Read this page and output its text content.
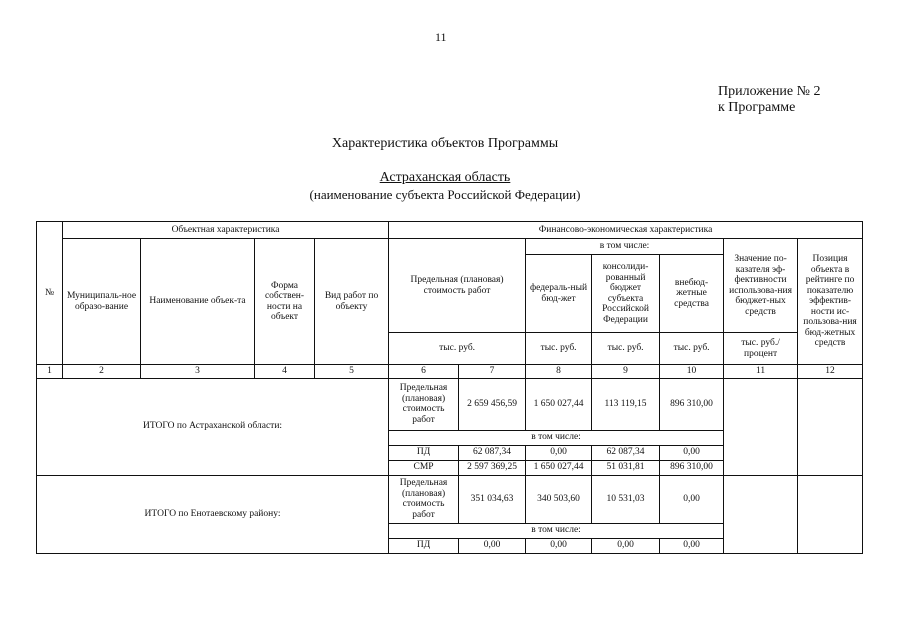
11
Приложение № 2
к Программе
Характеристика объектов Программы
Астраханская область
(наименование субъекта Российской Федерации)
№	Объектная характеристика				Финансово-экономическая характеристика						
	Муниципаль-ное образо-вание	Наименование объек-та	Форма собствен-ности на объект	Вид работ по объекту	Предельная (плановая) стоимость работ		в том числе:			Значение по-казателя эф-фективности использова-ния бюджет-ных средств	Позиция объекта в рейтинге по показателю эффектив-ности ис-пользова-ния бюд-жетных средств
							федераль-ный бюд-жет	консолиди-рованный бюджет субъекта Российской Федерации	внебюд-жетные средства		
					тыс. руб.		тыс. руб.	тыс. руб.	тыс. руб.	тыс. руб./ процент	
1	2	3	4	5	6	7	8	9	10	11	12
ИТОГО по Астраханской области:					Предельная (плановая) стоимость работ	2 659 456,59	1 650 027,44	113 119,15	896 310,00		
					в том числе:						
					ПД	62 087,34	0,00	62 087,34	0,00		
					СМР	2 597 369,25	1 650 027,44	51 031,81	896 310,00		
ИТОГО по Енотаевскому району:					Предельная (плановая) стоимость работ	351 034,63	340 503,60	10 531,03	0,00		
					в том числе:						
					ПД	0,00	0,00	0,00	0,00		
